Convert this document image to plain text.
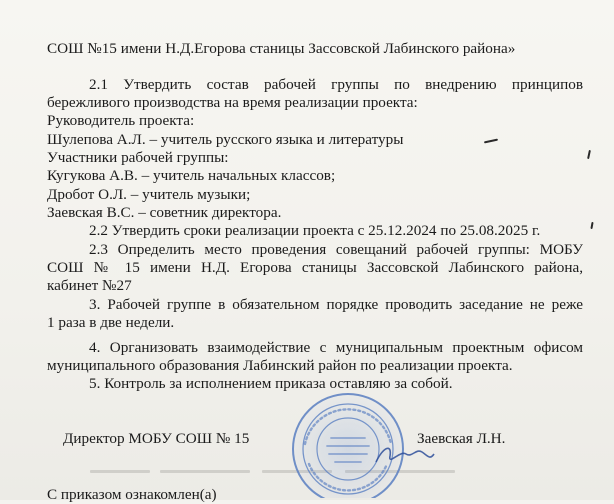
СОШ №15 имени Н.Д.Егорова станицы Зассовской Лабинского района»
2.1 Утвердить состав рабочей группы по внедрению принципов
бережливого производства на время реализации проекта:
Руководитель проекта:
Шулепова А.Л. – учитель русского языка и литературы
Участники рабочей группы:
Кугукова А.В. – учитель начальных классов;
Дробот О.Л. – учитель музыки;
Заевская В.С. – советник директора.
2.2 Утвердить сроки реализации проекта с 25.12.2024 по 25.08.2025 г.
2.3 Определить место проведения совещаний рабочей группы: МОБУ
СОШ № 15 имени Н.Д. Егорова станицы Зассовской Лабинского района,
кабинет №27
3. Рабочей группе в обязательном порядке проводить заседание не реже
1 раза в две недели.
4. Организовать взаимодействие с муниципальным проектным офисом
муниципального образования Лабинский район по реализации проекта.
5. Контроль за исполнением приказа оставляю за собой.
Директор МОБУ СОШ № 15	Заевская Л.Н.
С приказом ознакомлен(а)
